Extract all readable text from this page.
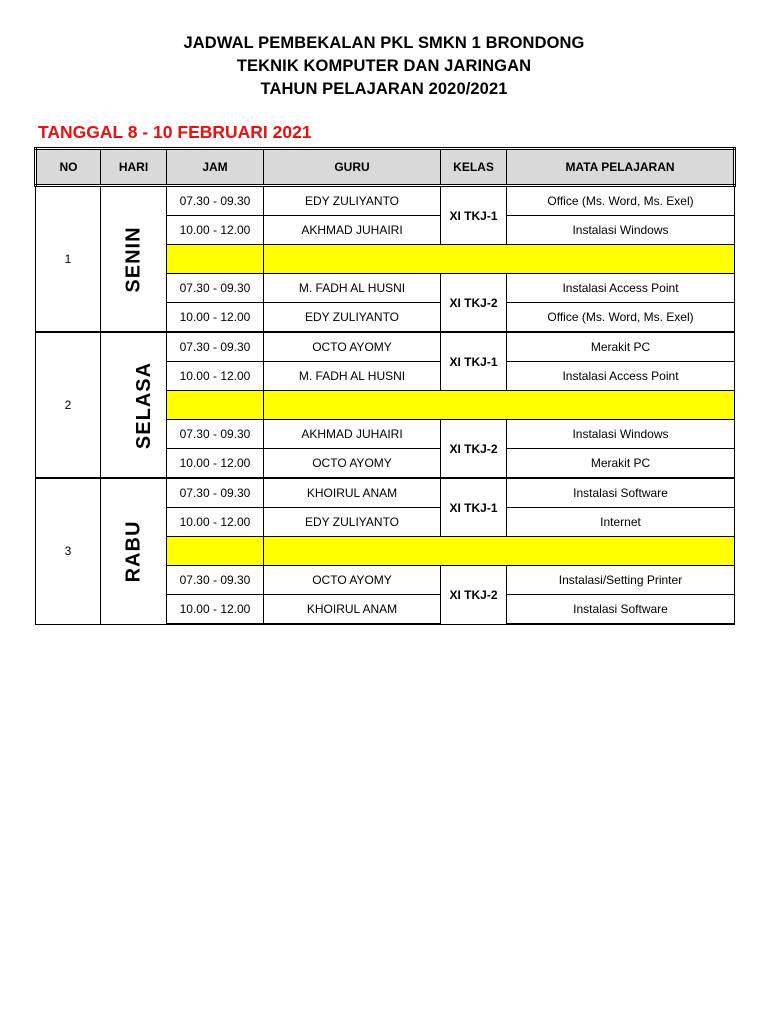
JADWAL PEMBEKALAN PKL SMKN 1 BRONDONG
TEKNIK KOMPUTER DAN JARINGAN
TAHUN PELAJARAN 2020/2021
TANGGAL 8 - 10 FEBRUARI 2021
NO	HARI	JAM	GURU	KELAS	MATA PELAJARAN
1	SENIN	07.30 - 09.30	EDY ZULIYANTO	XI TKJ-1	Office (Ms. Word, Ms. Exel)
		10.00 - 12.00	AKHMAD JUHAIRI		Instalasi Windows

		07.30 - 09.30	M. FADH AL HUSNI	XI TKJ-2	Instalasi Access Point
		10.00 - 12.00	EDY ZULIYANTO		Office (Ms. Word, Ms. Exel)
2	SELASA	07.30 - 09.30	OCTO AYOMY	XI TKJ-1	Merakit PC
		10.00 - 12.00	M. FADH AL HUSNI		Instalasi Access Point

		07.30 - 09.30	AKHMAD JUHAIRI	XI TKJ-2	Instalasi Windows
		10.00 - 12.00	OCTO AYOMY		Merakit PC
3	RABU	07.30 - 09.30	KHOIRUL ANAM	XI TKJ-1	Instalasi Software
		10.00 - 12.00	EDY ZULIYANTO		Internet

		07.30 - 09.30	OCTO AYOMY	XI TKJ-2	Instalasi/Setting Printer
		10.00 - 12.00	KHOIRUL ANAM		Instalasi Software
